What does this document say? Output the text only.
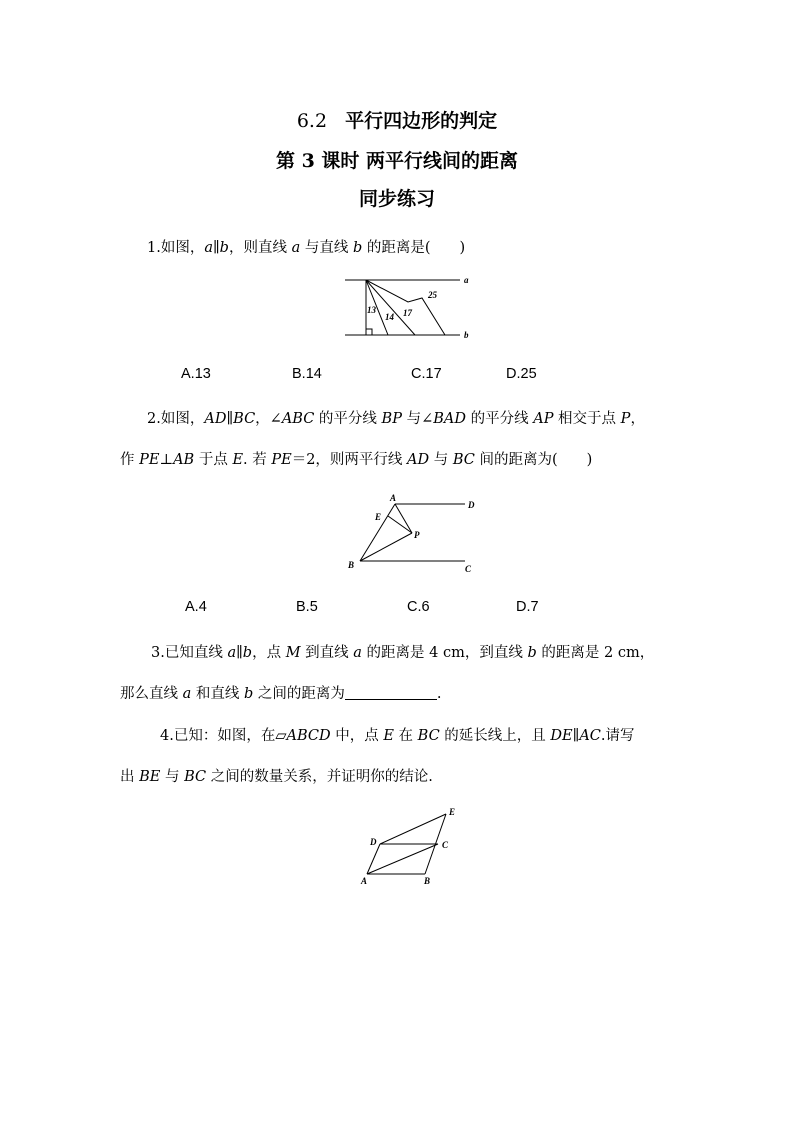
6.2 平行四边形的判定
第 3 课时 两平行线间的距离
同步练习
1.如图，a∥b，则直线 a 与直线 b 的距离是(　　)
a
b
13
14 17
25
A.13	B.14	C.17	D.25
2.如图，AD∥BC，∠ABC 的平分线 BP 与∠BAD 的平分线 AP 相交于点 P，
作 PE⊥AB 于点 E. 若 PE＝2，则两平行线 AD 与 BC 间的距离为(　　)
A
D
E
P
B	C
A.4	B.5	C.6	D.7
3.已知直线 a∥b，点 M 到直线 a 的距离是 4 cm，到直线 b 的距离是 2 cm，
那么直线 a 和直线 b 之间的距离为	.
4.已知：如图，在▱ABCD 中，点 E 在 BC 的延长线上，且 DE∥AC.请写
出 BE 与 BC 之间的数量关系，并证明你的结论.
D
E
C
A	B
